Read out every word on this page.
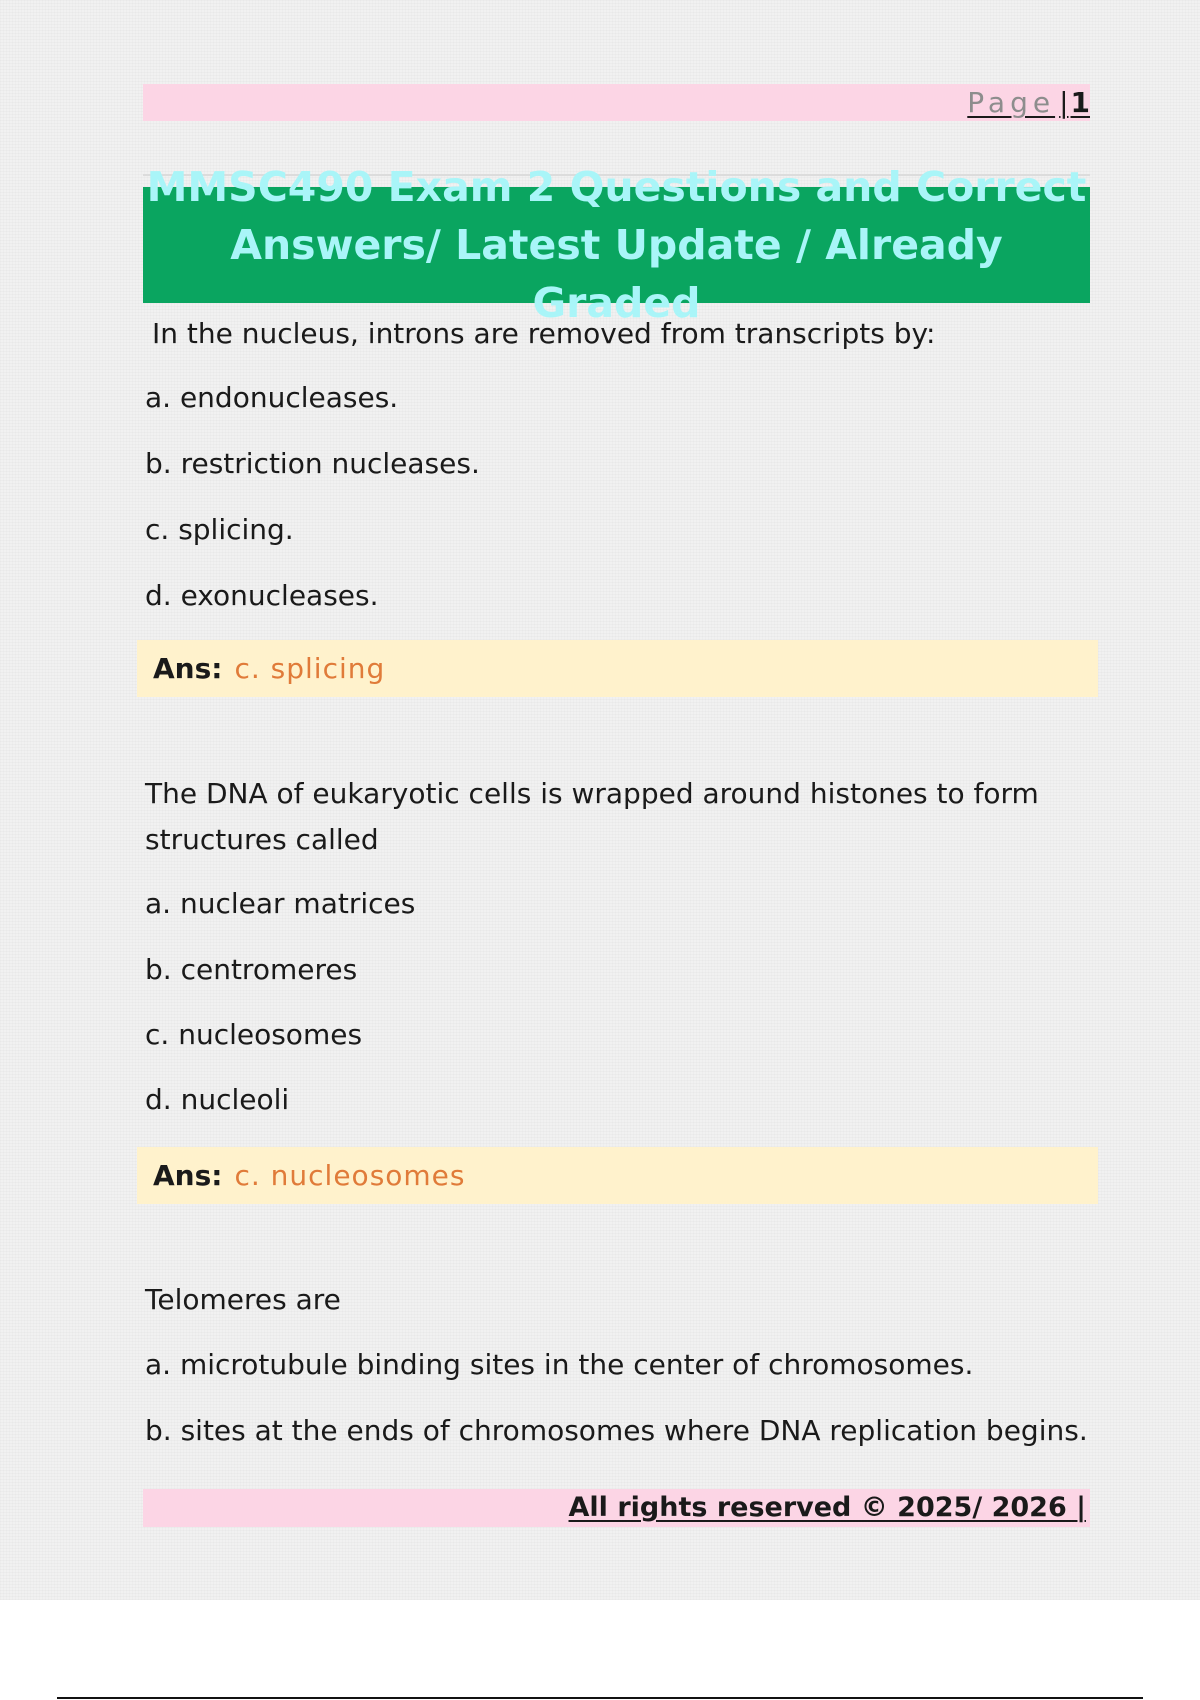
Page |1
MMSC490 Exam 2 Questions and Correct Answers/ Latest Update / Already Graded
In the nucleus, introns are removed from transcripts by:
a. endonucleases.
b. restriction nucleases.
c. splicing.
d. exonucleases.
Ans: c. splicing
The DNA of eukaryotic cells is wrapped around histones to form structures called
a. nuclear matrices
b. centromeres
c. nucleosomes
d. nucleoli
Ans: c. nucleosomes
Telomeres are
a. microtubule binding sites in the center of chromosomes.
b. sites at the ends of chromosomes where DNA replication begins.
All rights reserved © 2025/ 2026 |
